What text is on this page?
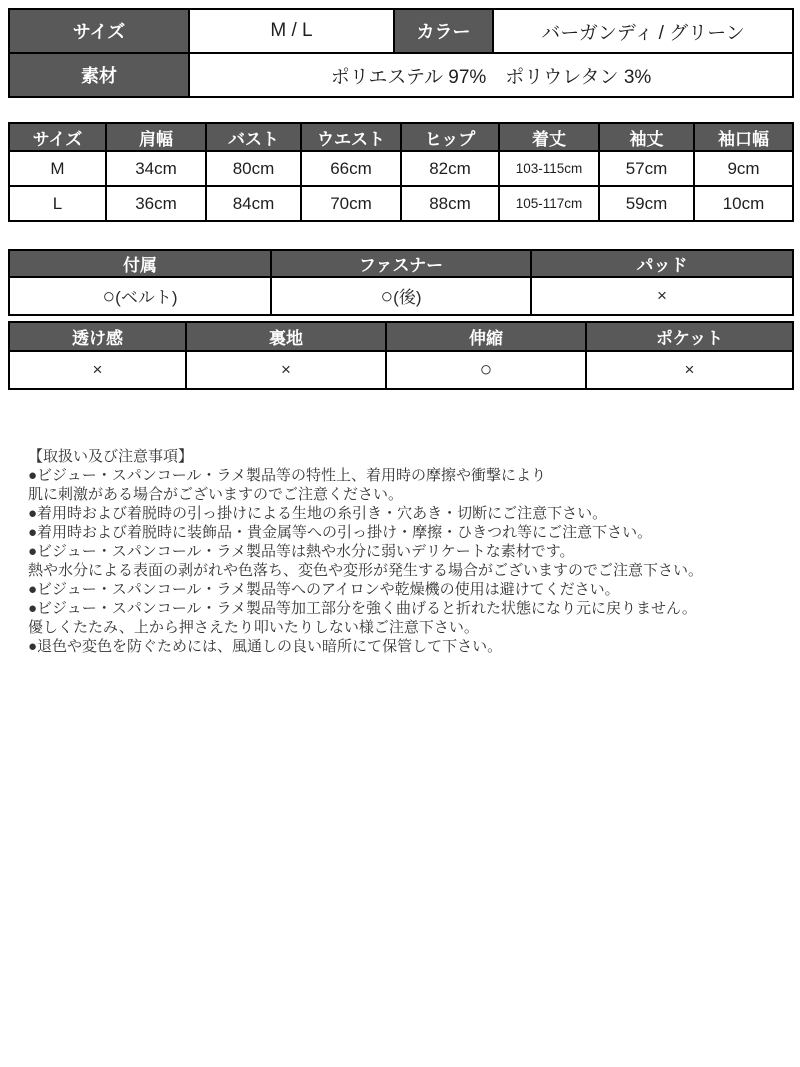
サイズ	M / L	カラー	バーガンディ / グリーン
素材	ポリエステル 97%　ポリウレタン 3%		
サイズ	肩幅	バスト	ウエスト	ヒップ	着丈	袖丈	袖口幅
M	34cm	80cm	66cm	82cm	103-115cm	57cm	9cm
L	36cm	84cm	70cm	88cm	105-117cm	59cm	10cm
付属	ファスナー	パッド
○(ベルト)	○(後)	×
透け感	裏地	伸縮	ポケット
×	×	○	×
【取扱い及び注意事項】
●ビジュー・スパンコール・ラメ製品等の特性上、着用時の摩擦や衝撃により
肌に刺激がある場合がございますのでご注意ください。
●着用時および着脱時の引っ掛けによる生地の糸引き・穴あき・切断にご注意下さい。
●着用時および着脱時に装飾品・貴金属等への引っ掛け・摩擦・ひきつれ等にご注意下さい。
●ビジュー・スパンコール・ラメ製品等は熱や水分に弱いデリケートな素材です。
熱や水分による表面の剥がれや色落ち、変色や変形が発生する場合がございますのでご注意下さい。
●ビジュー・スパンコール・ラメ製品等へのアイロンや乾燥機の使用は避けてください。
●ビジュー・スパンコール・ラメ製品等加工部分を強く曲げると折れた状態になり元に戻りません。
優しくたたみ、上から押さえたり叩いたりしない様ご注意下さい。
●退色や変色を防ぐためには、風通しの良い暗所にて保管して下さい。
